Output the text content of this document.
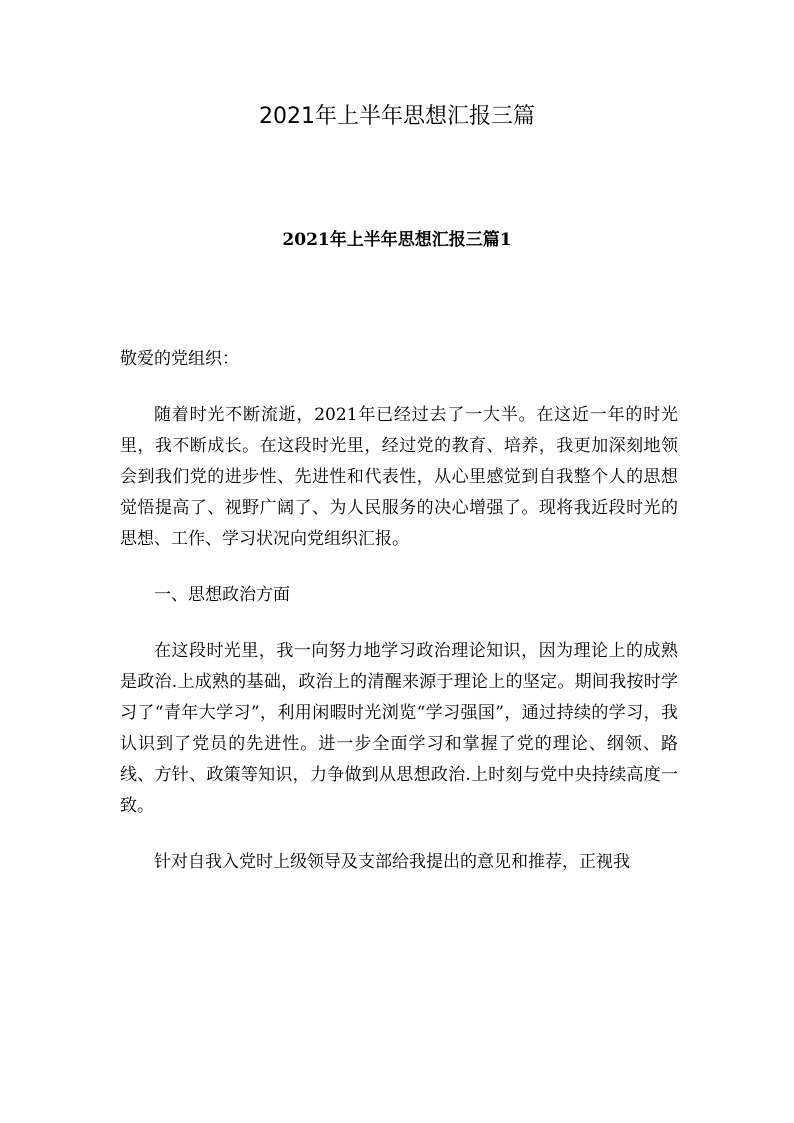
2021年上半年思想汇报三篇
2021年上半年思想汇报三篇1

敬爱的党组织：

随着时光不断流逝，2021年已经过去了一大半。在这近一年的时光里，我不断成长。在这段时光里，经过党的教育、培养，我更加深刻地领会到我们党的进步性、先进性和代表性，从心里感觉到自我整个人的思想觉悟提高了、视野广阔了、为人民服务的决心增强了。现将我近段时光的思想、工作、学习状况向党组织汇报。

一、思想政治方面

在这段时光里，我一向努力地学习政治理论知识，因为理论上的成熟是政治.上成熟的基础，政治上的清醒来源于理论上的坚定。期间我按时学习了“青年大学习”，利用闲暇时光浏览“学习强国”，通过持续的学习，我认识到了党员的先进性。进一步全面学习和掌握了党的理论、纲领、路线、方针、政策等知识，力争做到从思想政治.上时刻与党中央持续高度一致。

针对自我入党时上级领导及支部给我提出的意见和推荐，正视我
